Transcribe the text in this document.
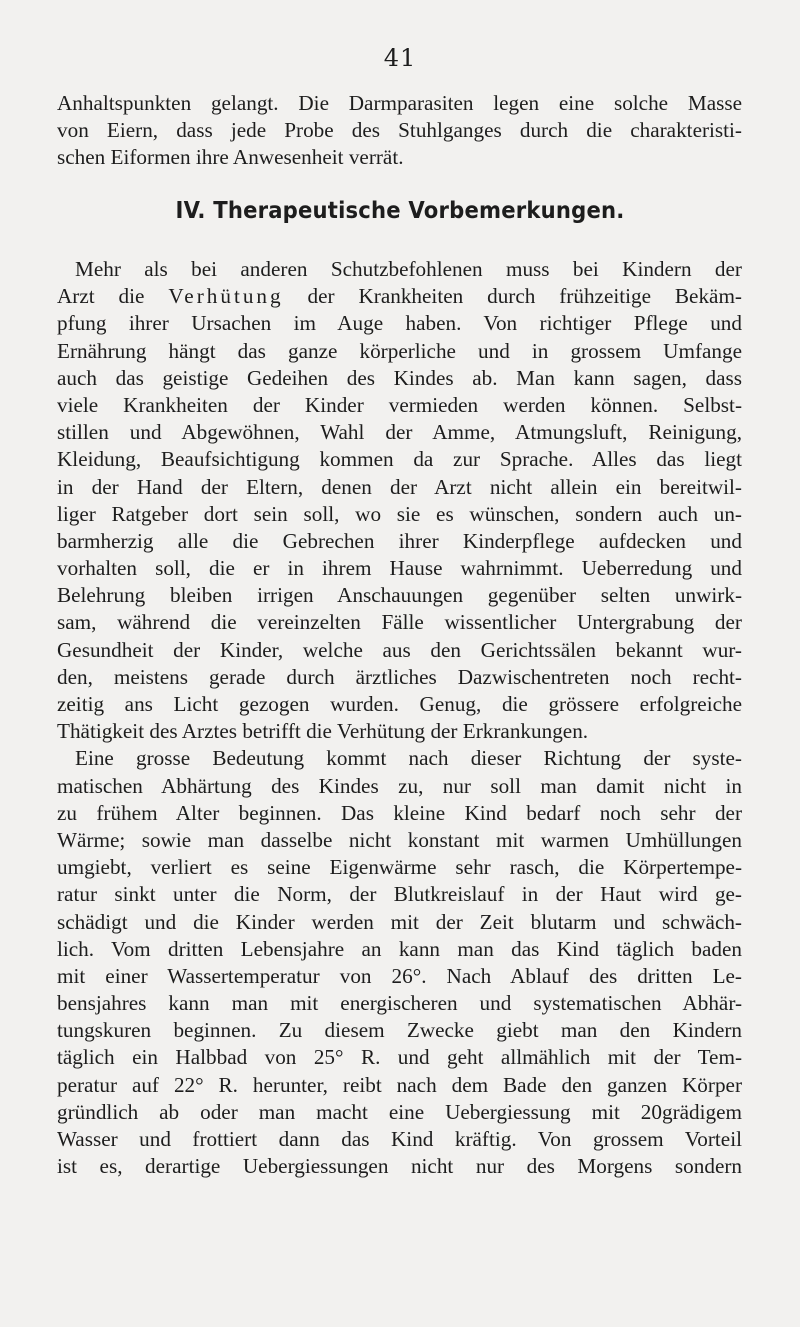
41
Anhaltspunkten gelangt. Die Darmparasiten legen eine solche Masse
von Eiern, dass jede Probe des Stuhlganges durch die charakteristi-
schen Eiformen ihre Anwesenheit verrät.
IV. Therapeutische Vorbemerkungen.
Mehr als bei anderen Schutzbefohlenen muss bei Kindern der
Arzt die Verhütung der Krankheiten durch frühzeitige Bekäm-
pfung ihrer Ursachen im Auge haben. Von richtiger Pflege und
Ernährung hängt das ganze körperliche und in grossem Umfange
auch das geistige Gedeihen des Kindes ab. Man kann sagen, dass
viele Krankheiten der Kinder vermieden werden können. Selbst-
stillen und Abgewöhnen, Wahl der Amme, Atmungsluft, Reinigung,
Kleidung, Beaufsichtigung kommen da zur Sprache. Alles das liegt
in der Hand der Eltern, denen der Arzt nicht allein ein bereitwil-
liger Ratgeber dort sein soll, wo sie es wünschen, sondern auch un-
barmherzig alle die Gebrechen ihrer Kinderpflege aufdecken und
vorhalten soll, die er in ihrem Hause wahrnimmt. Ueberredung und
Belehrung bleiben irrigen Anschauungen gegenüber selten unwirk-
sam, während die vereinzelten Fälle wissentlicher Untergrabung der
Gesundheit der Kinder, welche aus den Gerichtssälen bekannt wur-
den, meistens gerade durch ärztliches Dazwischentreten noch recht-
zeitig ans Licht gezogen wurden. Genug, die grössere erfolgreiche
Thätigkeit des Arztes betrifft die Verhütung der Erkrankungen.
Eine grosse Bedeutung kommt nach dieser Richtung der syste-
matischen Abhärtung des Kindes zu, nur soll man damit nicht in
zu frühem Alter beginnen. Das kleine Kind bedarf noch sehr der
Wärme; sowie man dasselbe nicht konstant mit warmen Umhüllungen
umgiebt, verliert es seine Eigenwärme sehr rasch, die Körpertempe-
ratur sinkt unter die Norm, der Blutkreislauf in der Haut wird ge-
schädigt und die Kinder werden mit der Zeit blutarm und schwäch-
lich. Vom dritten Lebensjahre an kann man das Kind täglich baden
mit einer Wassertemperatur von 26°. Nach Ablauf des dritten Le-
bensjahres kann man mit energischeren und systematischen Abhär-
tungskuren beginnen. Zu diesem Zwecke giebt man den Kindern
täglich ein Halbbad von 25° R. und geht allmählich mit der Tem-
peratur auf 22° R. herunter, reibt nach dem Bade den ganzen Körper
gründlich ab oder man macht eine Uebergiessung mit 20grädigem
Wasser und frottiert dann das Kind kräftig. Von grossem Vorteil
ist es, derartige Uebergiessungen nicht nur des Morgens sondern
